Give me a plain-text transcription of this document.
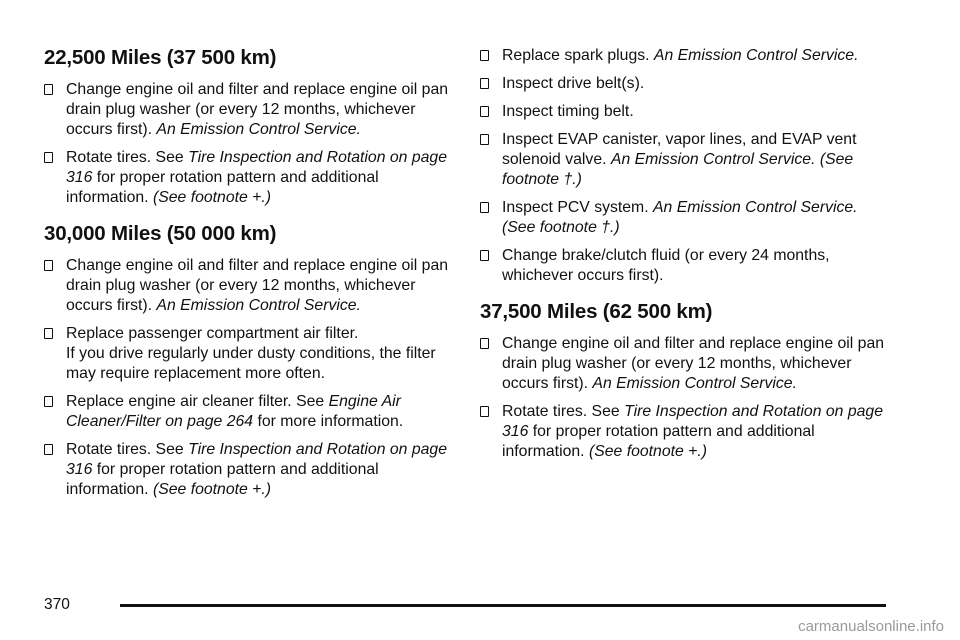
22,500 Miles (37 500 km)
Change engine oil and filter and replace engine oil pan drain plug washer (or every 12 months, whichever occurs first). An Emission Control Service.
Rotate tires. See Tire Inspection and Rotation on page 316 for proper rotation pattern and additional information. (See footnote +.)
30,000 Miles (50 000 km)
Change engine oil and filter and replace engine oil pan drain plug washer (or every 12 months, whichever occurs first). An Emission Control Service.
Replace passenger compartment air filter.
If you drive regularly under dusty conditions, the filter may require replacement more often.
Replace engine air cleaner filter. See Engine Air Cleaner/Filter on page 264 for more information.
Rotate tires. See Tire Inspection and Rotation on page 316 for proper rotation pattern and additional information. (See footnote +.)
Replace spark plugs. An Emission Control Service.
Inspect drive belt(s).
Inspect timing belt.
Inspect EVAP canister, vapor lines, and EVAP vent solenoid valve. An Emission Control Service. (See footnote †.)
Inspect PCV system. An Emission Control Service. (See footnote †.)
Change brake/clutch fluid (or every 24 months, whichever occurs first).
37,500 Miles (62 500 km)
Change engine oil and filter and replace engine oil pan drain plug washer (or every 12 months, whichever occurs first). An Emission Control Service.
Rotate tires. See Tire Inspection and Rotation on page 316 for proper rotation pattern and additional information. (See footnote +.)
370
carmanualsonline.info
